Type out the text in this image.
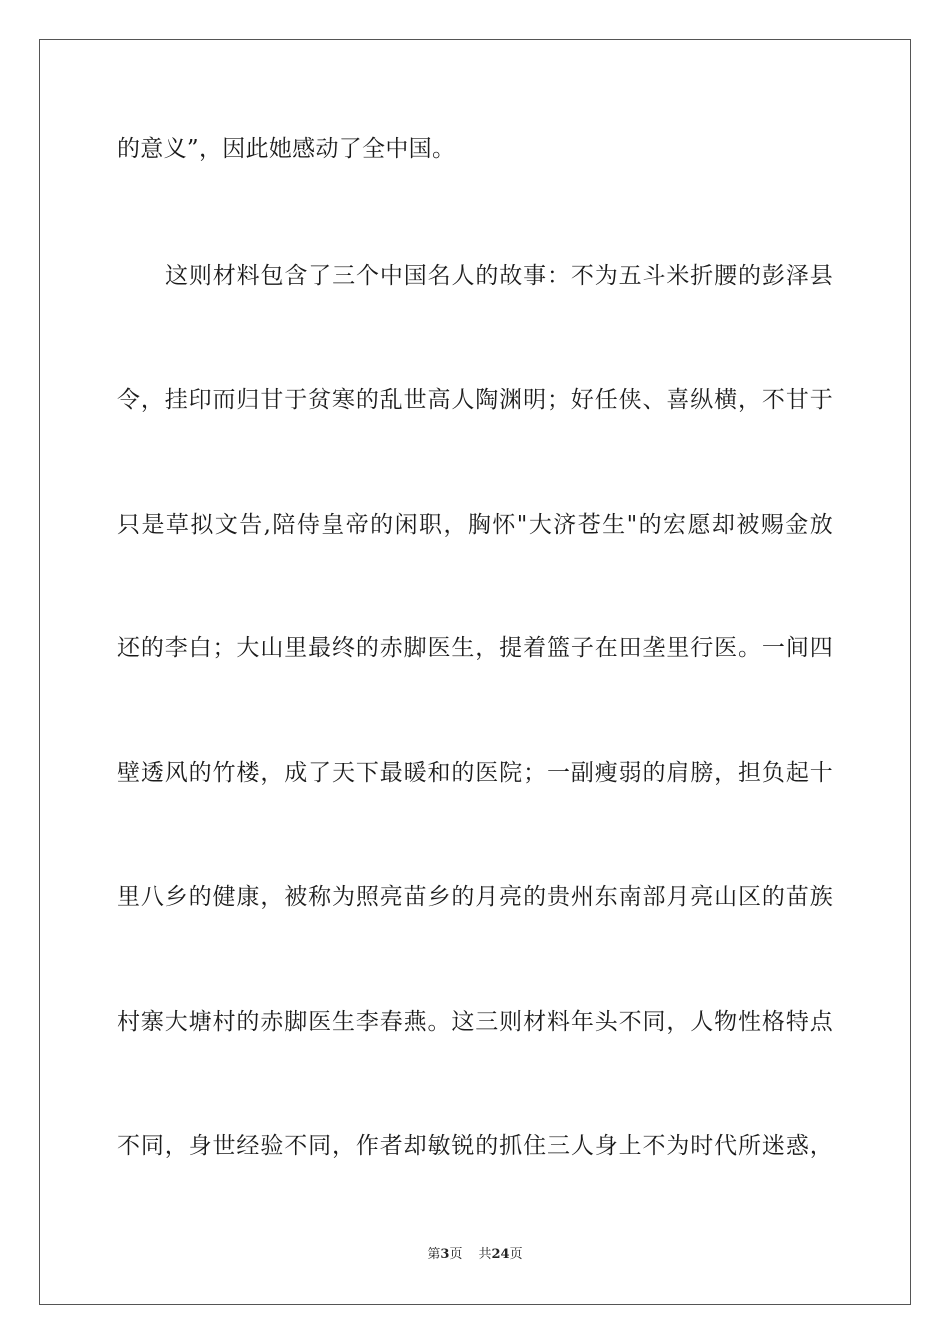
的意义”，因此她感动了全中国。
这则材料包含了三个中国名人的故事：不为五斗米折腰的彭泽县
令，挂印而归甘于贫寒的乱世高人陶渊明；好任侠、喜纵横，不甘于
只是草拟文告,陪侍皇帝的闲职，胸怀"大济苍生"的宏愿却被赐金放
还的李白；大山里最终的赤脚医生，提着篮子在田垄里行医。一间四
壁透风的竹楼，成了天下最暖和的医院；一副瘦弱的肩膀，担负起十
里八乡的健康，被称为照亮苗乡的月亮的贵州东南部月亮山区的苗族
村寨大塘村的赤脚医生李春燕。这三则材料年头不同，人物性格特点
不同，身世经验不同，作者却敏锐的抓住三人身上不为时代所迷惑，
第3页 共24页
